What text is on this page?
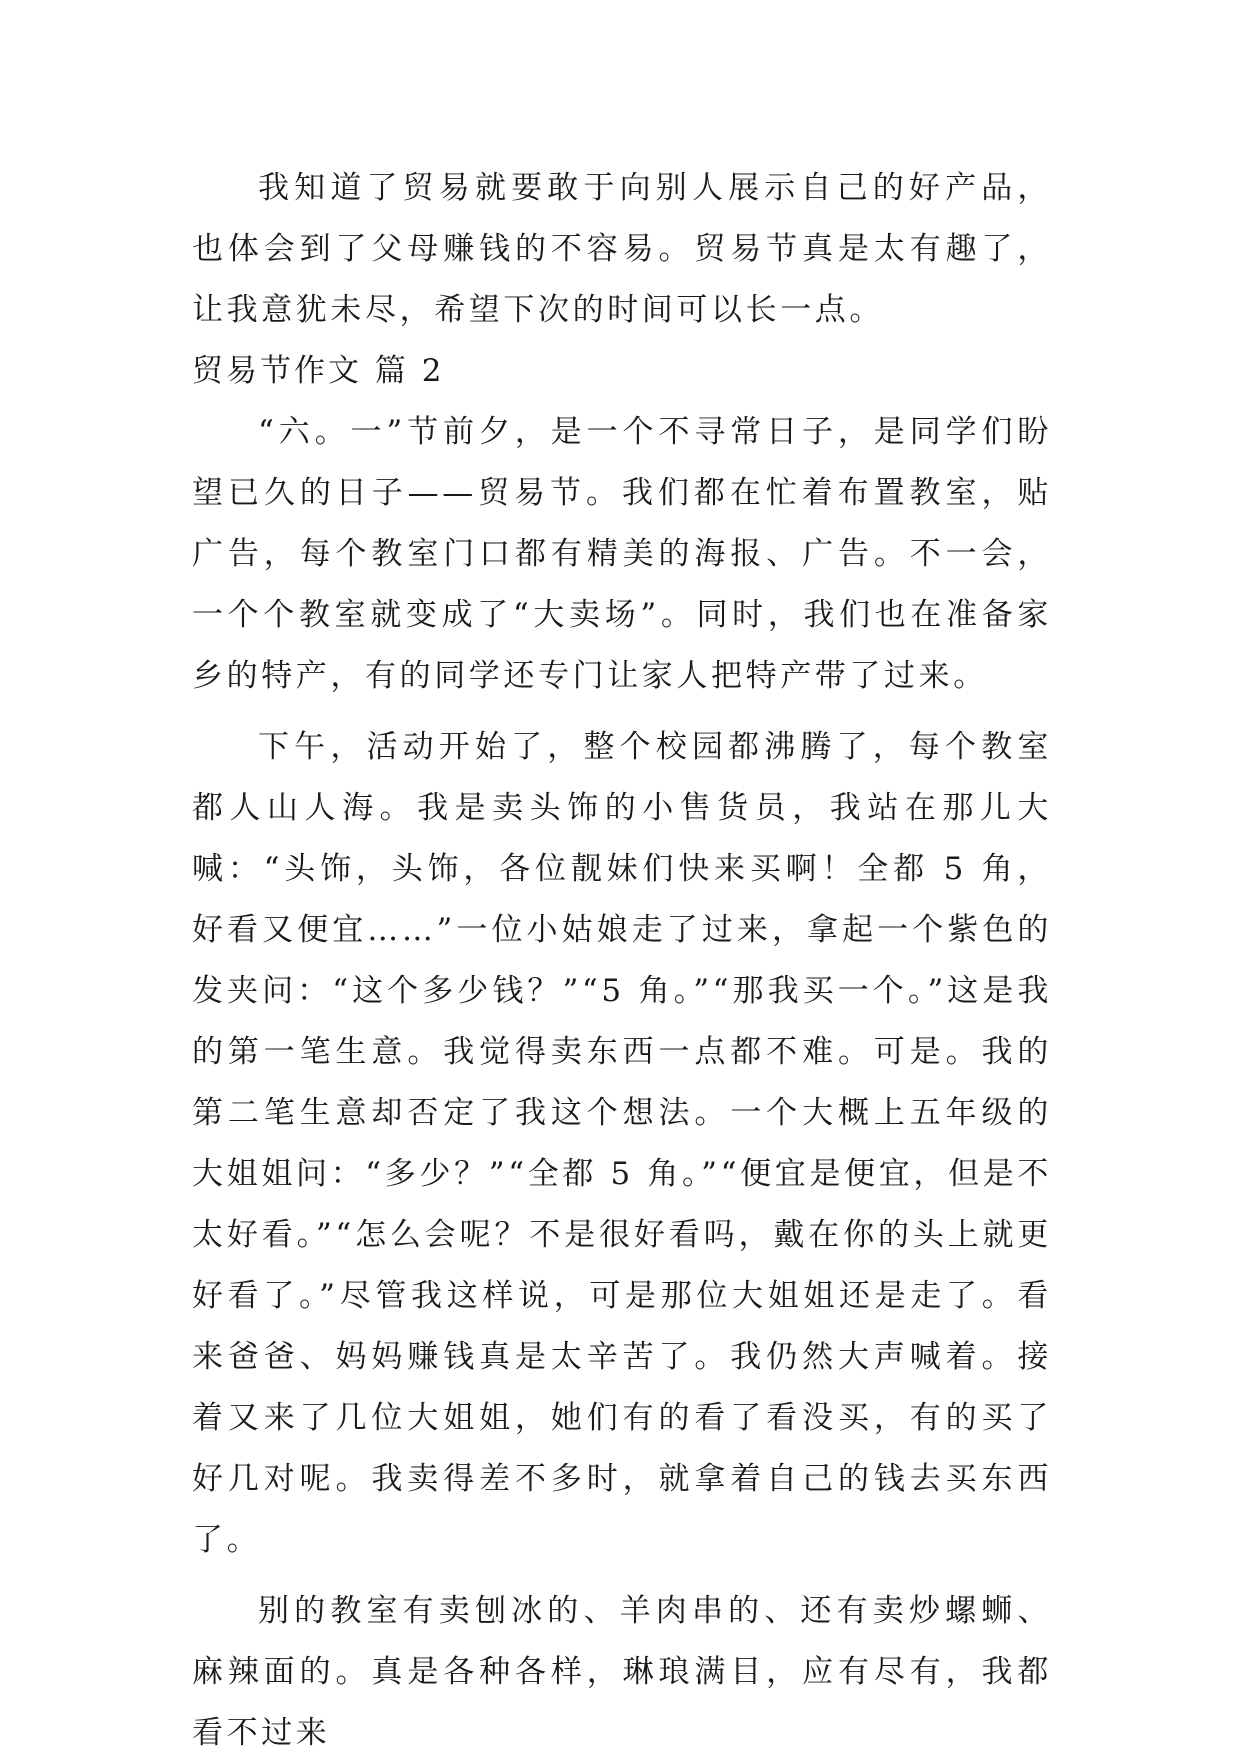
我知道了贸易就要敢于向别人展示自己的好产品，也体会到了父母赚钱的不容易。贸易节真是太有趣了，让我意犹未尽，希望下次的时间可以长一点。

贸易节作文 篇 2

“六。一”节前夕，是一个不寻常日子，是同学们盼望已久的日子——贸易节。我们都在忙着布置教室，贴广告，每个教室门口都有精美的海报、广告。不一会，一个个教室就变成了“大卖场”。同时，我们也在准备家乡的特产，有的同学还专门让家人把特产带了过来。

下午，活动开始了，整个校园都沸腾了，每个教室都人山人海。我是卖头饰的小售货员，我站在那儿大喊：“头饰，头饰，各位靓妹们快来买啊！全都 5 角，好看又便宜……”一位小姑娘走了过来，拿起一个紫色的发夹问：“这个多少钱？”“5 角。”“那我买一个。”这是我的第一笔生意。我觉得卖东西一点都不难。可是。我的第二笔生意却否定了我这个想法。一个大概上五年级的大姐姐问：“多少？”“全都 5 角。”“便宜是便宜，但是不太好看。”“怎么会呢？不是很好看吗，戴在你的头上就更好看了。”尽管我这样说，可是那位大姐姐还是走了。看来爸爸、妈妈赚钱真是太辛苦了。我仍然大声喊着。接着又来了几位大姐姐，她们有的看了看没买，有的买了好几对呢。我卖得差不多时，就拿着自己的钱去买东西了。

别的教室有卖刨冰的、羊肉串的、还有卖炒螺蛳、麻辣面的。真是各种各样，琳琅满目，应有尽有，我都看不过来
